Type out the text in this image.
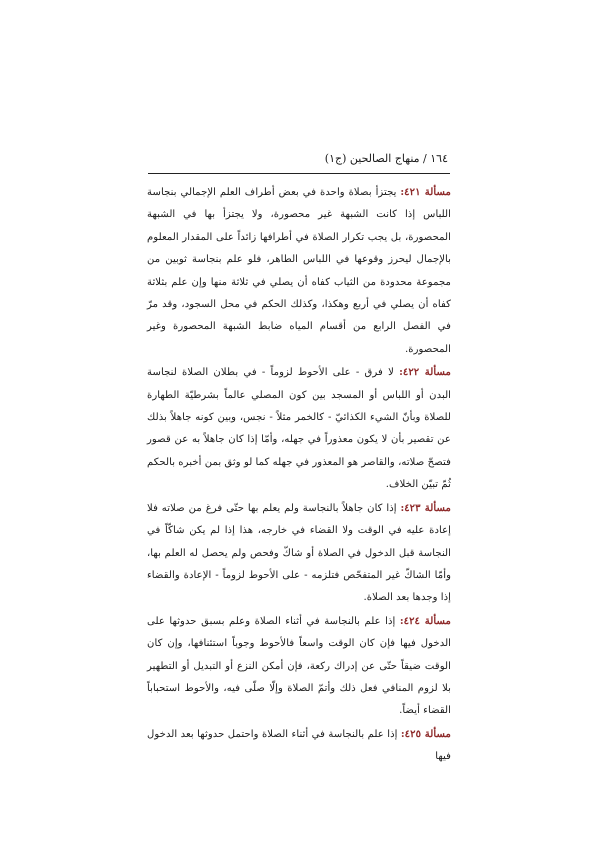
١٦٤ / منهاج الصالحين (ج١)

مسألة ٤٢١: يجتزأ بصلاة واحدة في بعض أطراف العلم الإجمالي بنجاسة اللباس إذا كانت الشبهة غير محصورة، ولا يجتزأ بها في الشبهة المحصورة، بل يجب تكرار الصلاة في أطرافها زائداً على المقدار المعلوم بالإجمال ليحرز وقوعها في اللباس الطاهر، فلو علم بنجاسة ثوبين من مجموعة محدودة من الثياب كفاه أن يصلي في ثلاثة منها وإن علم بثلاثة كفاه أن يصلي في أربع وهكذا، وكذلك الحكم في محل السجود، وقد مرّ في الفصل الرابع من أقسام المياه ضابط الشبهة المحصورة وغير المحصورة.

مسألة ٤٢٢: لا فرق - على الأحوط لزوماً - في بطلان الصلاة لنجاسة البدن أو اللباس أو المسجد بين كون المصلي عالماً بشرطيّة الطهارة للصلاة وبأنّ الشيء الكذائيّ - كالخمر مثلاً - نجس، وبين كونه جاهلاً بذلك عن تقصير بأن لا يكون معذوراً في جهله، وأمّا إذا كان جاهلاً به عن قصور فتصحّ صلاته، والقاصر هو المعذور في جهله كما لو وثق بمن أخبره بالحكم ثُمّ تبيّن الخلاف.

مسألة ٤٢٣: إذا كان جاهلاً بالنجاسة ولم يعلم بها حتّى فرغ من صلاته فلا إعادة عليه في الوقت ولا القضاء في خارجه، هذا إذا لم يكن شاكّاً في النجاسة قبل الدخول في الصلاة أو شاكّ وفحص ولم يحصل له العلم بها، وأمّا الشاكّ غير المتفحّص فتلزمه - على الأحوط لزوماً - الإعادة والقضاء إذا وجدها بعد الصلاة.

مسألة ٤٢٤: إذا علم بالنجاسة في أثناء الصلاة وعلم بسبق حدوثها على الدخول فيها فإن كان الوقت واسعاً فالأحوط وجوباً استئنافها، وإن كان الوقت ضيقاً حتّى عن إدراك ركعة، فإن أمكن النزع أو التبديل أو التطهير بلا لزوم المنافي فعل ذلك وأتمّ الصلاة وإلّا صلّى فيه، والأحوط استحباباً القضاء أيضاً.

مسألة ٤٢٥: إذا علم بالنجاسة في أثناء الصلاة واحتمل حدوثها بعد الدخول فيها
